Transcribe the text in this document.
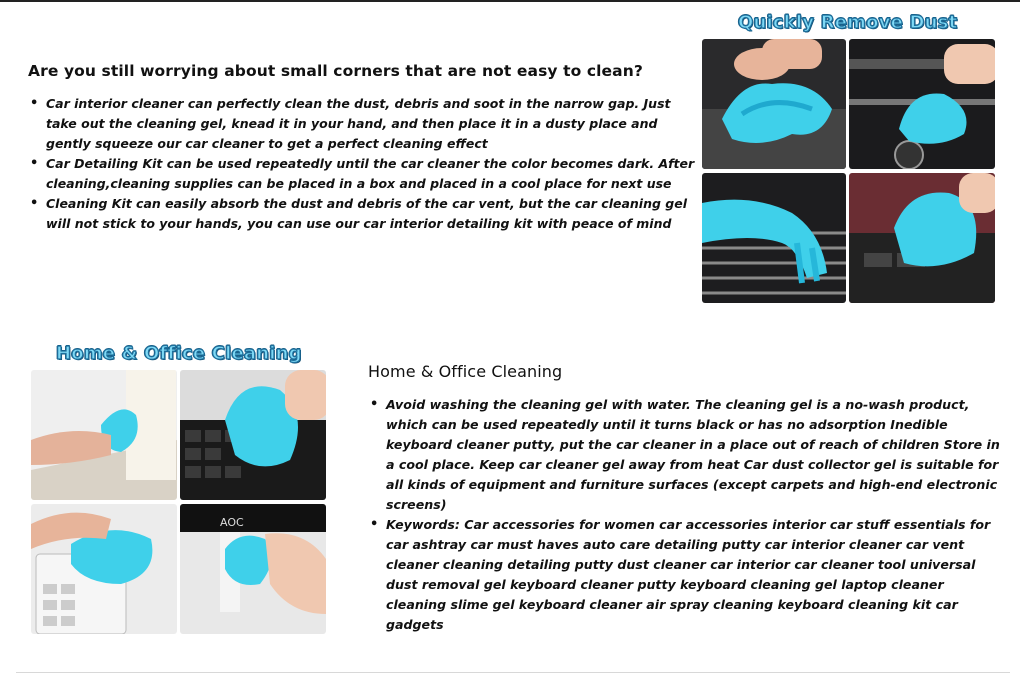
Are you still worrying about small corners that are not easy to clean?
• Car interior cleaner can perfectly clean the dust, debris and soot in the narrow gap. Just take out the cleaning gel, knead it in your hand, and then place it in a dusty place and gently squeeze our car cleaner to get a perfect cleaning effect
• Car Detailing Kit can be used repeatedly until the car cleaner the color becomes dark. After cleaning,cleaning supplies can be placed in a box and placed in a cool place for next use
• Cleaning Kit can easily absorb the dust and debris of the car vent, but the car cleaning gel will not stick to your hands, you can use our car interior detailing kit with peace of mind
Quickly Remove Dust
Home & Office Cleaning
AOC
Home & Office Cleaning
• Avoid washing the cleaning gel with water. The cleaning gel is a no-wash product, which can be used repeatedly until it turns black or has no adsorption Inedible keyboard cleaner putty, put the car cleaner in a place out of reach of children Store in a cool place. Keep car cleaner gel away from heat Car dust collector gel is suitable for all kinds of equipment and furniture surfaces (except carpets and high-end electronic screens)
• Keywords: Car accessories for women car accessories interior car stuff essentials for car ashtray car must haves auto care detailing putty car interior cleaner car vent cleaner cleaning detailing putty dust cleaner car interior car cleaner tool universal dust removal gel keyboard cleaner putty keyboard cleaning gel laptop cleaner cleaning slime gel keyboard cleaner air spray cleaning keyboard cleaning kit car gadgets
